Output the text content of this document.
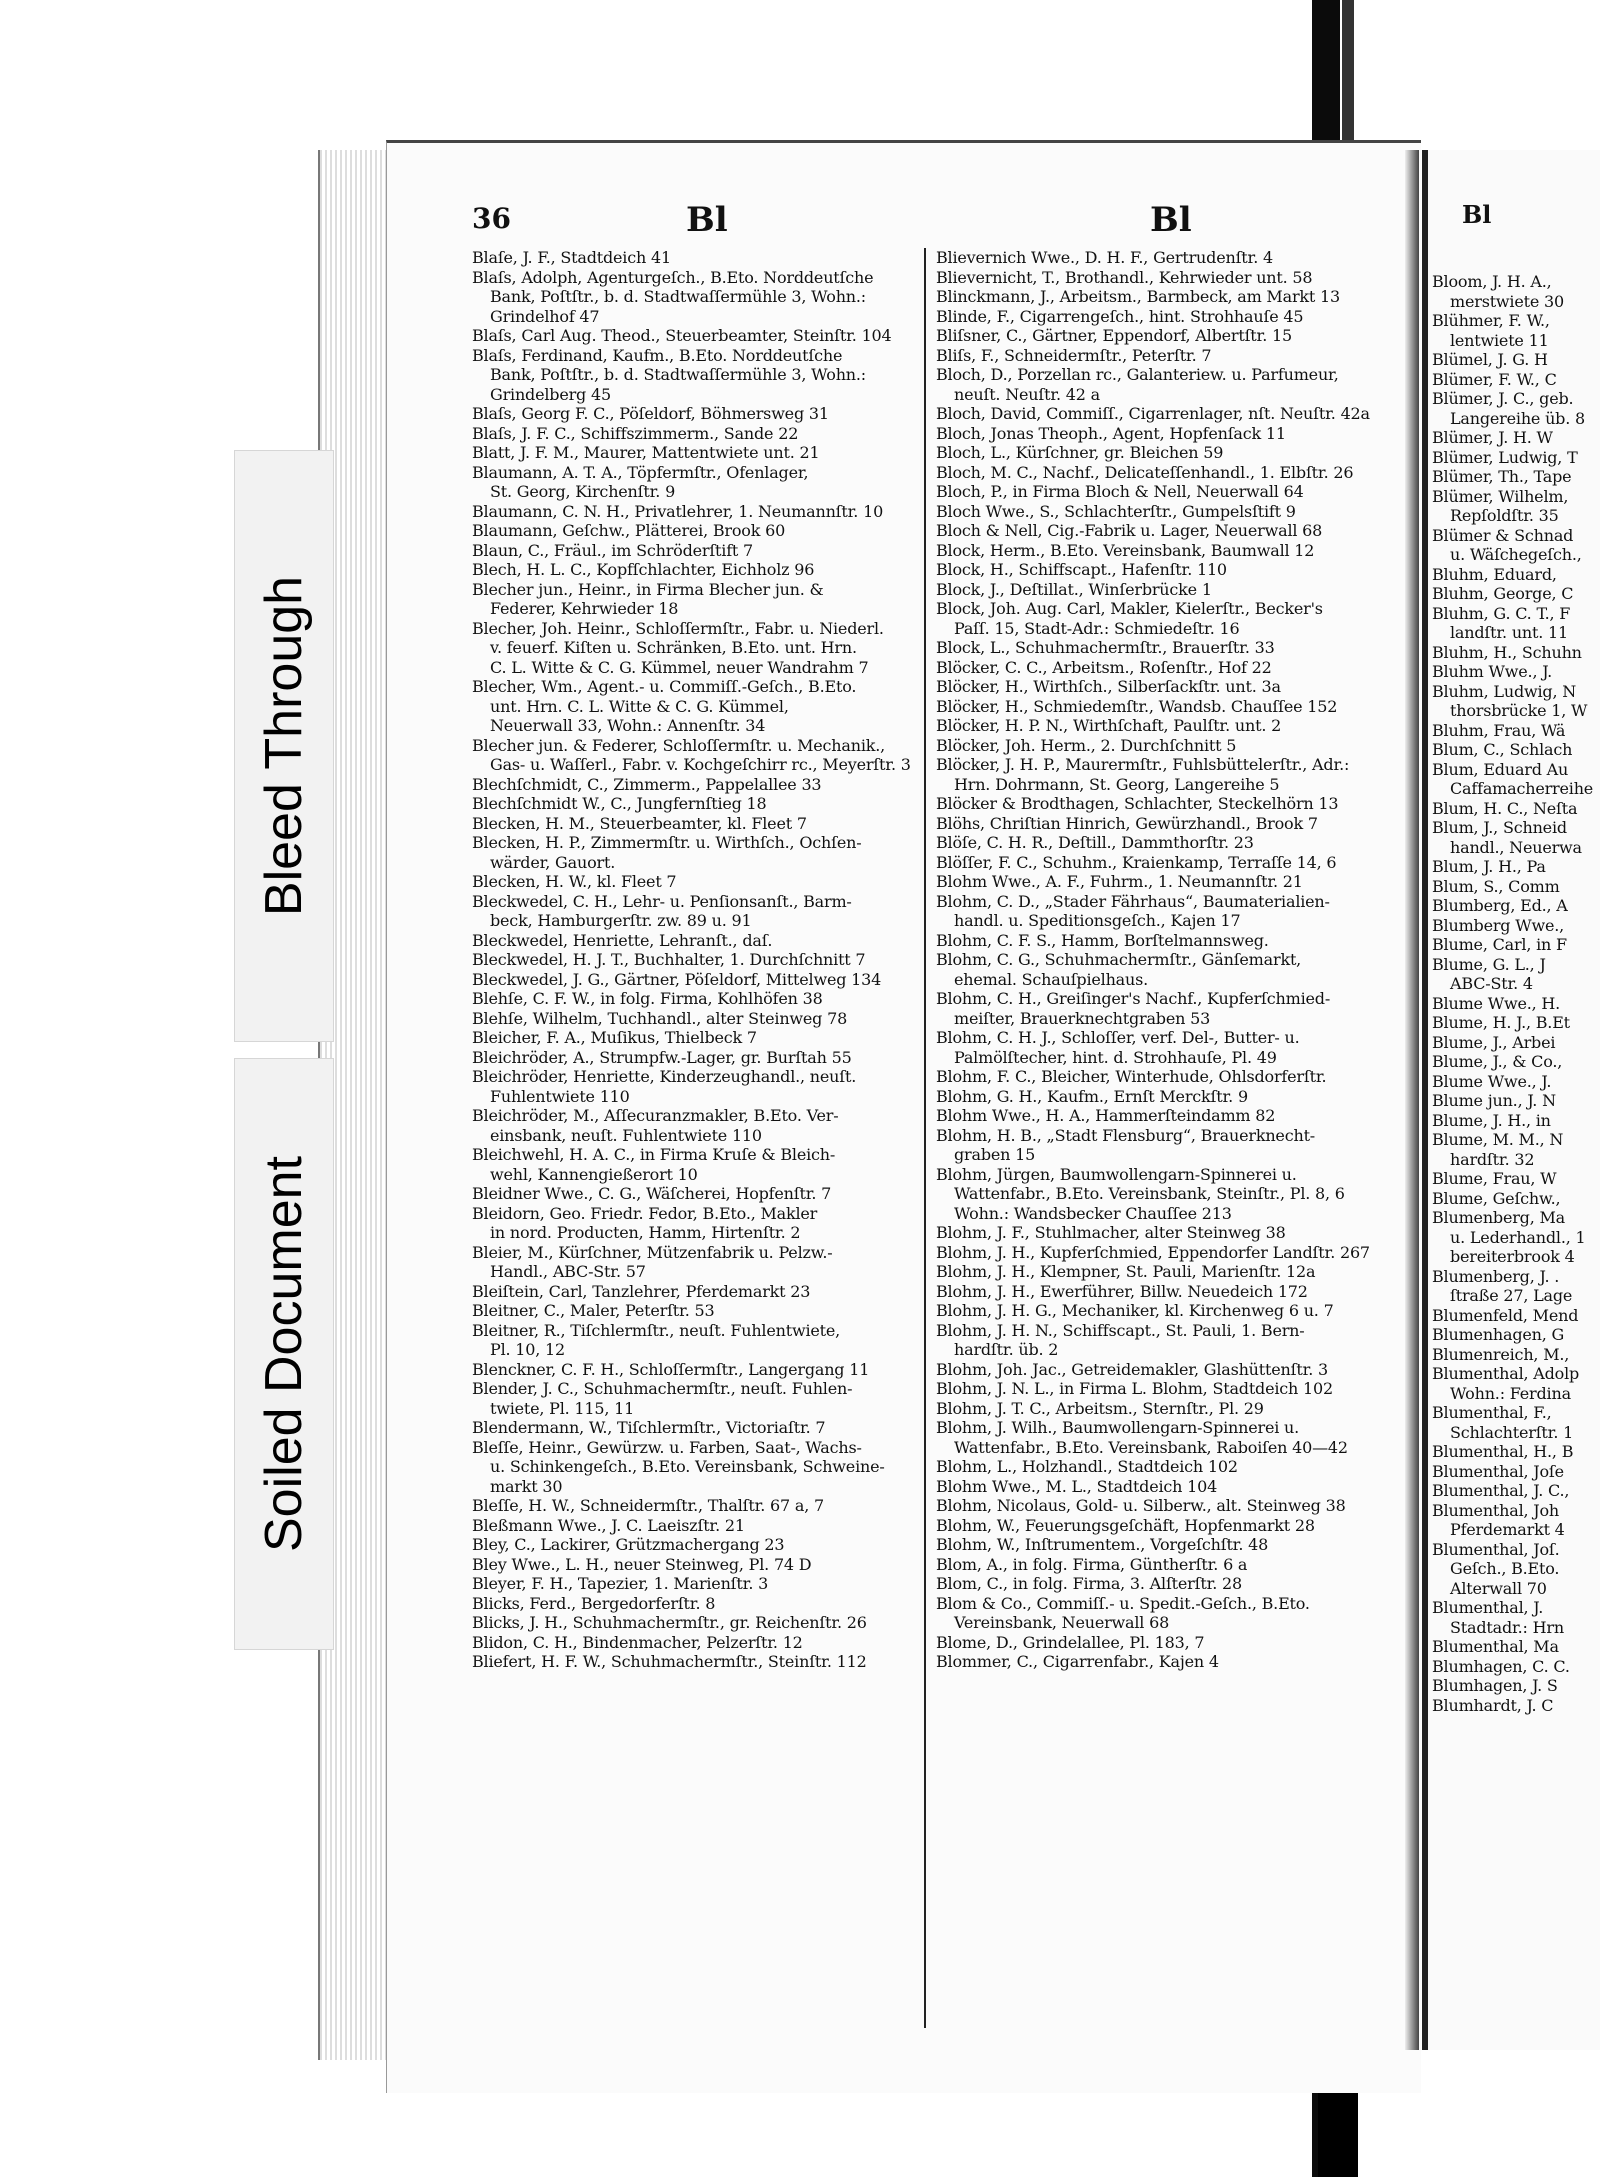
Bleed Through
Soiled Document
36	Bl	Bl	Bl
Blaſe, J. F., Stadtdeich 41
Blaſs, Adolph, Agenturgeſch., B.Eto. Norddeutſche
Bank, Poſtſtr., b. d. Stadtwaſſermühle 3, Wohn.:
Grindelhof 47
Blaſs, Carl Aug. Theod., Steuerbeamter, Steinſtr. 104
Blaſs, Ferdinand, Kaufm., B.Eto. Norddeutſche
Bank, Poſtſtr., b. d. Stadtwaſſermühle 3, Wohn.:
Grindelberg 45
Blaſs, Georg F. C., Pöſeldorf, Böhmersweg 31
Blaſs, J. F. C., Schiffszimmerm., Sande 22
Blatt, J. F. M., Maurer, Mattentwiete unt. 21
Blaumann, A. T. A., Töpfermſtr., Ofenlager,
St. Georg, Kirchenſtr. 9
Blaumann, C. N. H., Privatlehrer, 1. Neumannſtr. 10
Blaumann, Geſchw., Plätterei, Brook 60
Blaun, C., Fräul., im Schröderſtift 7
Blech, H. L. C., Kopfſchlachter, Eichholz 96
Blecher jun., Heinr., in Firma Blecher jun. &
Federer, Kehrwieder 18
Blecher, Joh. Heinr., Schloſſermſtr., Fabr. u. Niederl.
v. feuerf. Kiſten u. Schränken, B.Eto. unt. Hrn.
C. L. Witte & C. G. Kümmel, neuer Wandrahm 7
Blecher, Wm., Agent.- u. Commiſſ.-Geſch., B.Eto.
unt. Hrn. C. L. Witte & C. G. Kümmel,
Neuerwall 33, Wohn.: Annenſtr. 34
Blecher jun. & Federer, Schloſſermſtr. u. Mechanik.,
Gas- u. Waſſerl., Fabr. v. Kochgeſchirr rc., Meyerſtr. 3
Blechſchmidt, C., Zimmerm., Pappelallee 33
Blechſchmidt W., C., Jungfernſtieg 18
Blecken, H. M., Steuerbeamter, kl. Fleet 7
Blecken, H. P., Zimmermſtr. u. Wirthſch., Ochſen-
wärder, Gauort.
Blecken, H. W., kl. Fleet 7
Bleckwedel, C. H., Lehr- u. Penſionsanſt., Barm-
beck, Hamburgerſtr. zw. 89 u. 91
Bleckwedel, Henriette, Lehranſt., daſ.
Bleckwedel, H. J. T., Buchhalter, 1. Durchſchnitt 7
Bleckwedel, J. G., Gärtner, Pöſeldorf, Mittelweg 134
Blehſe, C. F. W., in folg. Firma, Kohlhöfen 38
Blehſe, Wilhelm, Tuchhandl., alter Steinweg 78
Bleicher, F. A., Muſikus, Thielbeck 7
Bleichröder, A., Strumpfw.-Lager, gr. Burſtah 55
Bleichröder, Henriette, Kinderzeughandl., neuſt.
Fuhlentwiete 110
Bleichröder, M., Aſſecuranzmakler, B.Eto. Ver-
einsbank, neuſt. Fuhlentwiete 110
Bleichwehl, H. A. C., in Firma Kruſe & Bleich-
wehl, Kannengießerort 10
Bleidner Wwe., C. G., Wäſcherei, Hopfenſtr. 7
Bleidorn, Geo. Friedr. Fedor, B.Eto., Makler
in nord. Producten, Hamm, Hirtenſtr. 2
Bleier, M., Kürſchner, Mützenfabrik u. Pelzw.-
Handl., ABC-Str. 57
Bleiſtein, Carl, Tanzlehrer, Pferdemarkt 23
Bleitner, C., Maler, Peterſtr. 53
Bleitner, R., Tiſchlermſtr., neuſt. Fuhlentwiete,
Pl. 10, 12
Blenckner, C. F. H., Schloſſermſtr., Langergang 11
Blender, J. C., Schuhmachermſtr., neuſt. Fuhlen-
twiete, Pl. 115, 11
Blendermann, W., Tiſchlermſtr., Victoriaſtr. 7
Bleſſe, Heinr., Gewürzw. u. Farben, Saat-, Wachs-
u. Schinkengeſch., B.Eto. Vereinsbank, Schweine-
markt 30
Bleſſe, H. W., Schneidermſtr., Thalſtr. 67 a, 7
Bleßmann Wwe., J. C. Laeiszſtr. 21
Bley, C., Lackirer, Grützmachergang 23
Bley Wwe., L. H., neuer Steinweg, Pl. 74 D
Bleyer, F. H., Tapezier, 1. Marienſtr. 3
Blicks, Ferd., Bergedorferſtr. 8
Blicks, J. H., Schuhmachermſtr., gr. Reichenſtr. 26
Blidon, C. H., Bindenmacher, Pelzerſtr. 12
Bliefert, H. F. W., Schuhmachermſtr., Steinſtr. 112
Blievernich Wwe., D. H. F., Gertrudenſtr. 4
Blievernicht, T., Brothandl., Kehrwieder unt. 58
Blinckmann, J., Arbeitsm., Barmbeck, am Markt 13
Blinde, F., Cigarrengeſch., hint. Strohhauſe 45
Bliſsner, C., Gärtner, Eppendorf, Albertſtr. 15
Bliſs, F., Schneidermſtr., Peterſtr. 7
Bloch, D., Porzellan rc., Galanteriew. u. Parfumeur,
neuſt. Neuſtr. 42 a
Bloch, David, Commiſſ., Cigarrenlager, nſt. Neuſtr. 42a
Bloch, Jonas Theoph., Agent, Hopfenſack 11
Bloch, L., Kürſchner, gr. Bleichen 59
Bloch, M. C., Nachf., Delicateſſenhandl., 1. Elbſtr. 26
Bloch, P., in Firma Bloch & Nell, Neuerwall 64
Bloch Wwe., S., Schlachterſtr., Gumpelsſtift 9
Bloch & Nell, Cig.-Fabrik u. Lager, Neuerwall 68
Block, Herm., B.Eto. Vereinsbank, Baumwall 12
Block, H., Schiffscapt., Hafenſtr. 110
Block, J., Deſtillat., Winſerbrücke 1
Block, Joh. Aug. Carl, Makler, Kielerſtr., Becker's
Paſſ. 15, Stadt-Adr.: Schmiedeſtr. 16
Block, L., Schuhmachermſtr., Brauerſtr. 33
Blöcker, C. C., Arbeitsm., Roſenſtr., Hof 22
Blöcker, H., Wirthſch., Silberſackſtr. unt. 3a
Blöcker, H., Schmiedemſtr., Wandsb. Chauſſee 152
Blöcker, H. P. N., Wirthſchaft, Paulſtr. unt. 2
Blöcker, Joh. Herm., 2. Durchſchnitt 5
Blöcker, J. H. P., Maurermſtr., Fuhlsbüttelerſtr., Adr.:
Hrn. Dohrmann, St. Georg, Langereihe 5
Blöcker & Brodthagen, Schlachter, Steckelhörn 13
Blöhs, Chriſtian Hinrich, Gewürzhandl., Brook 7
Blöſe, C. H. R., Deſtill., Dammthorſtr. 23
Blöſſer, F. C., Schuhm., Kraienkamp, Terraſſe 14, 6
Blohm Wwe., A. F., Fuhrm., 1. Neumannſtr. 21
Blohm, C. D., „Stader Fährhaus“, Baumaterialien-
handl. u. Speditionsgeſch., Kajen 17
Blohm, C. F. S., Hamm, Borſtelmannsweg.
Blohm, C. G., Schuhmachermſtr., Gänſemarkt,
ehemal. Schauſpielhaus.
Blohm, C. H., Greiſinger's Nachf., Kupferſchmied-
meiſter, Brauerknechtgraben 53
Blohm, C. H. J., Schloſſer, verf. Del-, Butter- u.
Palmölſtecher, hint. d. Strohhauſe, Pl. 49
Blohm, F. C., Bleicher, Winterhude, Ohlsdorferſtr.
Blohm, G. H., Kaufm., Ernſt Merckſtr. 9
Blohm Wwe., H. A., Hammerſteindamm 82
Blohm, H. B., „Stadt Flensburg“, Brauerknecht-
graben 15
Blohm, Jürgen, Baumwollengarn-Spinnerei u.
Wattenfabr., B.Eto. Vereinsbank, Steinſtr., Pl. 8, 6
Wohn.: Wandsbecker Chauſſee 213
Blohm, J. F., Stuhlmacher, alter Steinweg 38
Blohm, J. H., Kupferſchmied, Eppendorfer Landſtr. 267
Blohm, J. H., Klempner, St. Pauli, Marienſtr. 12a
Blohm, J. H., Ewerführer, Billw. Neuedeich 172
Blohm, J. H. G., Mechaniker, kl. Kirchenweg 6 u. 7
Blohm, J. H. N., Schiffscapt., St. Pauli, 1. Bern-
hardſtr. üb. 2
Blohm, Joh. Jac., Getreidemakler, Glashüttenſtr. 3
Blohm, J. N. L., in Firma L. Blohm, Stadtdeich 102
Blohm, J. T. C., Arbeitsm., Sternſtr., Pl. 29
Blohm, J. Wilh., Baumwollengarn-Spinnerei u.
Wattenfabr., B.Eto. Vereinsbank, Raboiſen 40—42
Blohm, L., Holzhandl., Stadtdeich 102
Blohm Wwe., M. L., Stadtdeich 104
Blohm, Nicolaus, Gold- u. Silberw., alt. Steinweg 38
Blohm, W., Feuerungsgeſchäft, Hopfenmarkt 28
Blohm, W., Inſtrumentem., Vorgeſchſtr. 48
Blom, A., in folg. Firma, Güntherſtr. 6 a
Blom, C., in folg. Firma, 3. Alſterſtr. 28
Blom & Co., Commiſſ.- u. Spedit.-Geſch., B.Eto.
Vereinsbank, Neuerwall 68
Blome, D., Grindelallee, Pl. 183, 7
Blommer, C., Cigarrenfabr., Kajen 4
Bloom, J. H. A.,
merstwiete 30
Blühmer, F. W.,
lentwiete 11
Blümel, J. G. H
Blümer, F. W., C
Blümer, J. C., geb.
Langereihe üb. 8
Blümer, J. H. W
Blümer, Ludwig, T
Blümer, Th., Tape
Blümer, Wilhelm,
Repſoldſtr. 35
Blümer & Schnad
u. Wäſchegeſch.,
Bluhm, Eduard,
Bluhm, George, C
Bluhm, G. C. T., F
landſtr. unt. 11
Bluhm, H., Schuhn
Bluhm Wwe., J.
Bluhm, Ludwig, N
thorsbrücke 1, W
Bluhm, Frau, Wä
Blum, C., Schlach
Blum, Eduard Au
Caffamacherreihe
Blum, H. C., Neſta
Blum, J., Schneid
handl., Neuerwa
Blum, J. H., Pa
Blum, S., Comm
Blumberg, Ed., A
Blumberg Wwe.,
Blume, Carl, in F
Blume, G. L., J
ABC-Str. 4
Blume Wwe., H.
Blume, H. J., B.Et
Blume, J., Arbei
Blume, J., & Co.,
Blume Wwe., J.
Blume jun., J. N
Blume, J. H., in
Blume, M. M., N
hardſtr. 32
Blume, Frau, W
Blume, Geſchw.,
Blumenberg, Ma
u. Lederhandl., 1
bereiterbrook 4
Blumenberg, J. .
ſtraße 27, Lage
Blumenfeld, Mend
Blumenhagen, G
Blumenreich, M.,
Blumenthal, Adolp
Wohn.: Ferdina
Blumenthal, F.,
Schlachterſtr. 1
Blumenthal, H., B
Blumenthal, Joſe
Blumenthal, J. C.,
Blumenthal, Joh
Pferdemarkt 4
Blumenthal, Joſ.
Geſch., B.Eto.
Alterwall 70
Blumenthal, J.
Stadtadr.: Hrn
Blumenthal, Ma
Blumhagen, C. C.
Blumhagen, J. S
Blumhardt, J. C
